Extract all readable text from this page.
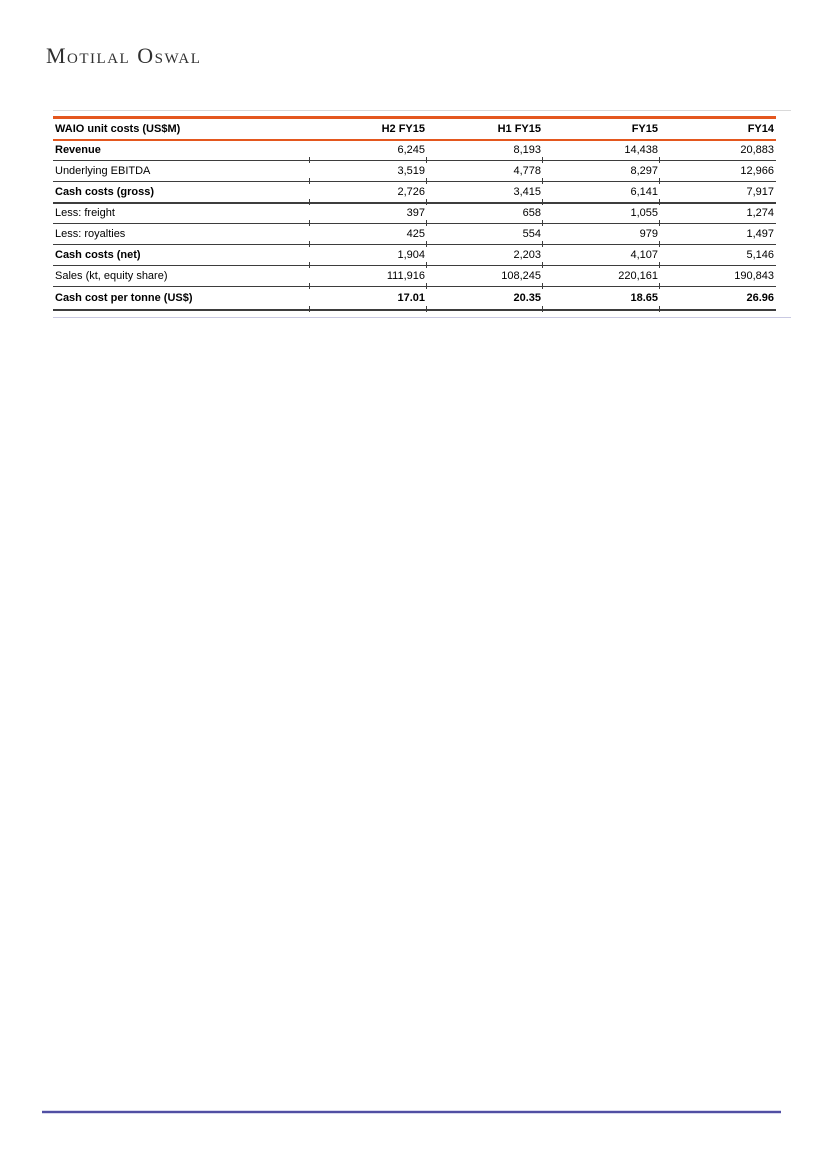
Motilal Oswal
WAIO unit costs (US$M)	H2 FY15	H1 FY15	FY15	FY14
Revenue	6,245	8,193	14,438	20,883
Underlying EBITDA	3,519	4,778	8,297	12,966
Cash costs (gross)	2,726	3,415	6,141	7,917
Less: freight	397	658	1,055	1,274
Less: royalties	425	554	979	1,497
Cash costs (net)	1,904	2,203	4,107	5,146
Sales (kt, equity share)	111,916	108,245	220,161	190,843
Cash cost per tonne (US$)	17.01	20.35	18.65	26.96
